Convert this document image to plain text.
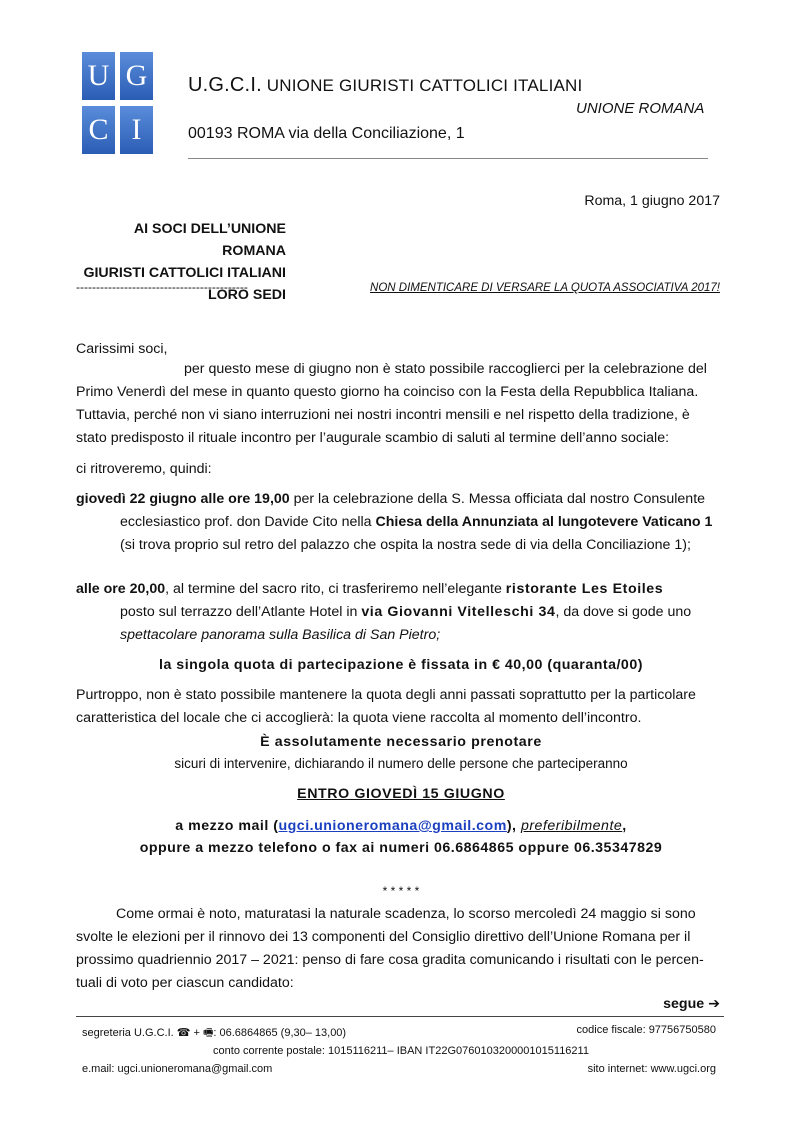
U G
C I
U.G.C.I. UNIONE GIURISTI CATTOLICI ITALIANI
UNIONE ROMANA
00193 ROMA via della Conciliazione, 1
Roma, 1 giugno 2017
AI SOCI DELL’UNIONE ROMANA
GIURISTI CATTOLICI ITALIANI
LORO SEDI
-------------------------------------------	NON DIMENTICARE DI VERSARE LA QUOTA ASSOCIATIVA 2017!
Carissimi soci,
per questo mese di giugno non è stato possibile raccoglierci per la celebrazione del
Primo Venerdì del mese in quanto questo giorno ha coinciso con la Festa della Repubblica Italiana.
Tuttavia, perché non vi siano interruzioni nei nostri incontri mensili e nel rispetto della tradizione, è
stato predisposto il rituale incontro per l’augurale scambio di saluti al termine dell’anno sociale:
ci ritroveremo, quindi:
giovedì 22 giugno alle ore 19,00 per la celebrazione della S. Messa officiata dal nostro Consulente
ecclesiastico prof. don Davide Cito nella Chiesa della Annunziata al lungotevere Vaticano 1
(si trova proprio sul retro del palazzo che ospita la nostra sede di via della Conciliazione 1);
alle ore 20,00, al termine del sacro rito, ci trasferiremo nell’elegante ristorante Les Etoiles
posto sul terrazzo dell’Atlante Hotel in via Giovanni Vitelleschi 34, da dove si gode uno
spettacolare panorama sulla Basilica di San Pietro;
la singola quota di partecipazione è fissata in € 40,00 (quaranta/00)
Purtroppo, non è stato possibile mantenere la quota degli anni passati soprattutto per la particolare
caratteristica del locale che ci accoglierà: la quota viene raccolta al momento dell’incontro.
È assolutamente necessario prenotare
sicuri di intervenire, dichiarando il numero delle persone che parteciperanno
ENTRO GIOVEDÌ 15 GIUGNO
a mezzo mail (ugci.unioneromana@gmail.com), preferibilmente,
oppure a mezzo telefono o fax ai numeri 06.6864865 oppure 06.35347829
* * * * *
Come ormai è noto, maturatasi la naturale scadenza, lo scorso mercoledì 24 maggio si sono
svolte le elezioni per il rinnovo dei 13 componenti del Consiglio direttivo dell’Unione Romana per il
prossimo quadriennio 2017 – 2021: penso di fare cosa gradita comunicando i risultati con le percen-
tuali di voto per ciascun candidato:
segue ➔
segreteria U.G.C.I. ☎ + 🖷: 06.6864865 (9,30– 13,00)	codice fiscale: 97756750580
conto corrente postale: 1015116211– IBAN IT22G0760103200001015116211
e.mail: ugci.unioneromana@gmail.com	sito internet: www.ugci.org
